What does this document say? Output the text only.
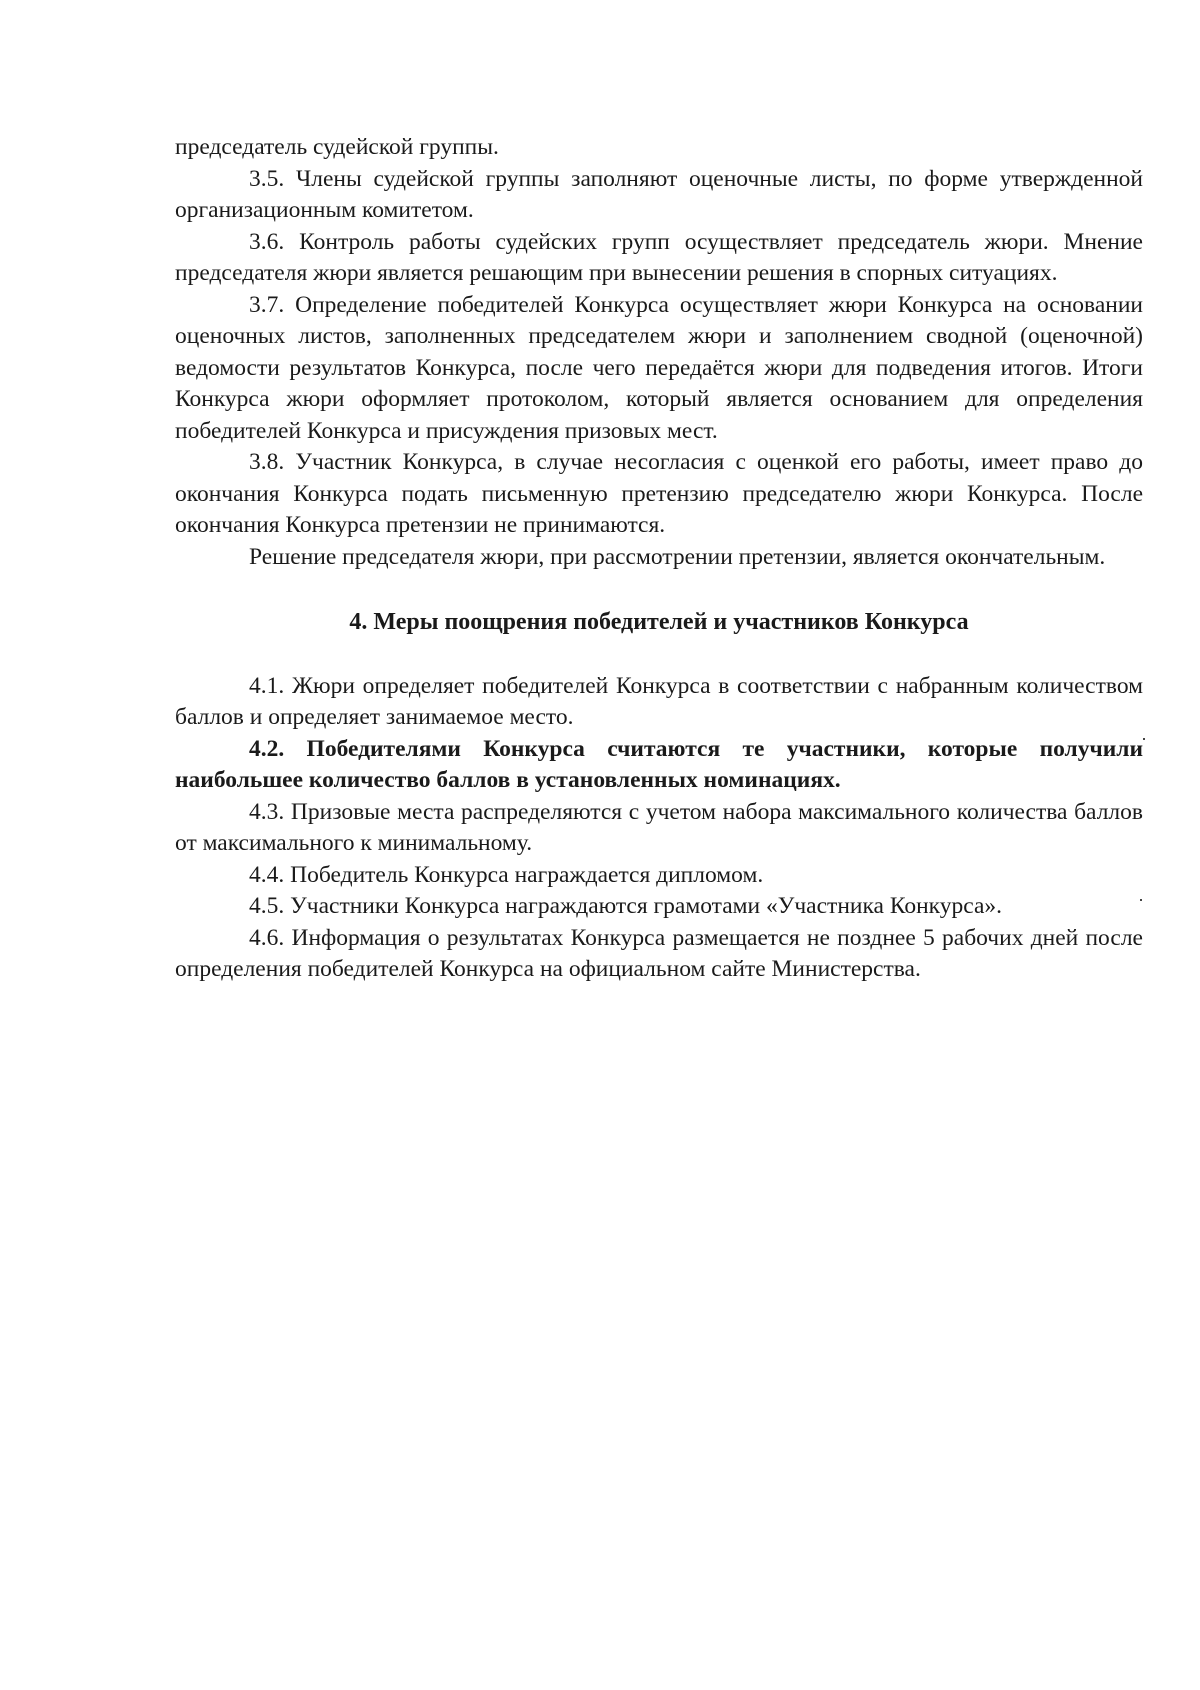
председатель судейской группы.

3.5. Члены судейской группы заполняют оценочные листы, по форме утвержденной организационным комитетом.

3.6. Контроль работы судейских групп осуществляет председатель жюри. Мнение председателя жюри является решающим при вынесении решения в спорных ситуациях.

3.7. Определение победителей Конкурса осуществляет жюри Конкурса на основании оценочных листов, заполненных председателем жюри и заполнением сводной (оценочной) ведомости результатов Конкурса, после чего передаётся жюри для подведения итогов. Итоги Конкурса жюри оформляет протоколом, который является основанием для определения победителей Конкурса и присуждения призовых мест.

3.8. Участник Конкурса, в случае несогласия с оценкой его работы, имеет право до окончания Конкурса подать письменную претензию председателю жюри Конкурса. После окончания Конкурса претензии не принимаются.

Решение председателя жюри, при рассмотрении претензии, является окончательным.

4. Меры поощрения победителей и участников Конкурса

4.1. Жюри определяет победителей Конкурса в соответствии с набранным количеством баллов и определяет занимаемое место.

4.2. Победителями Конкурса считаются те участники, которые получили наибольшее количество баллов в установленных номинациях.

4.3. Призовые места распределяются с учетом набора максимального количества баллов от максимального к минимальному.

4.4. Победитель Конкурса награждается дипломом.

4.5. Участники Конкурса награждаются грамотами «Участника Конкурса».

4.6. Информация о результатах Конкурса размещается не позднее 5 рабочих дней после определения победителей Конкурса на официальном сайте Министерства.
